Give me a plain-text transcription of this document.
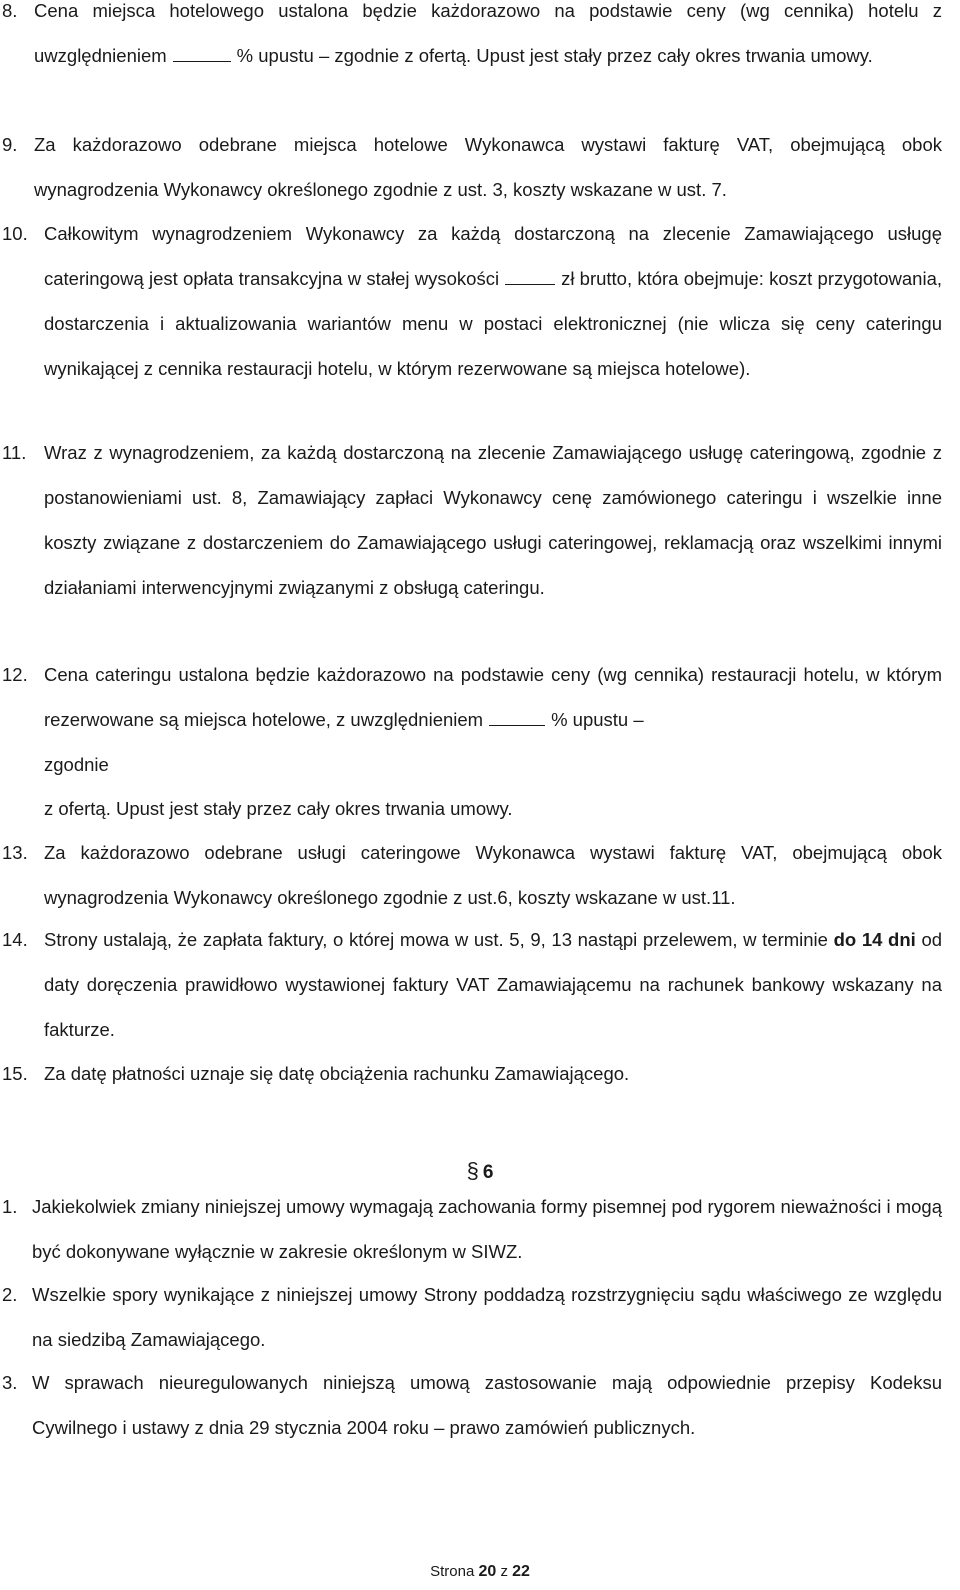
8. Cena miejsca hotelowego ustalona będzie każdorazowo na podstawie ceny (wg cennika) hotelu z uwzględnieniem	% upustu – zgodnie z ofertą. Upust jest stały przez cały okres trwania umowy.
9. Za każdorazowo odebrane miejsca hotelowe Wykonawca wystawi fakturę VAT, obejmującą obok wynagrodzenia Wykonawcy określonego zgodnie z ust. 3, koszty wskazane w ust. 7.
10. Całkowitym wynagrodzeniem Wykonawcy za każdą dostarczoną na zlecenie Zamawiającego usługę cateringową jest opłata transakcyjna w stałej wysokości	zł brutto, która obejmuje: koszt przygotowania, dostarczenia i aktualizowania wariantów menu w postaci elektronicznej (nie wlicza się ceny cateringu wynikającej z cennika restauracji hotelu, w którym rezerwowane są miejsca hotelowe).
11. Wraz z wynagrodzeniem, za każdą dostarczoną na zlecenie Zamawiającego usługę cateringową, zgodnie z postanowieniami ust. 8, Zamawiający zapłaci Wykonawcy cenę zamówionego cateringu i wszelkie inne koszty związane z dostarczeniem do Zamawiającego usługi cateringowej, reklamacją oraz wszelkimi innymi działaniami interwencyjnymi związanymi z obsługą cateringu.
12. Cena cateringu ustalona będzie każdorazowo na podstawie ceny (wg cennika) restauracji hotelu, w którym rezerwowane są miejsca hotelowe, z uwzględnieniem	% upustu –
zgodnie
z ofertą. Upust jest stały przez cały okres trwania umowy.
13. Za każdorazowo odebrane usługi cateringowe Wykonawca wystawi fakturę VAT, obejmującą obok wynagrodzenia Wykonawcy określonego zgodnie z ust.6, koszty wskazane w ust.11.
14. Strony ustalają, że zapłata faktury, o której mowa w ust. 5, 9, 13 nastąpi przelewem, w terminie do 14 dni od daty doręczenia prawidłowo wystawionej faktury VAT Zamawiającemu na rachunek bankowy wskazany na fakturze.
15. Za datę płatności uznaje się datę obciążenia rachunku Zamawiającego.
§ 6
1. Jakiekolwiek zmiany niniejszej umowy wymagają zachowania formy pisemnej pod rygorem nieważności i mogą być dokonywane wyłącznie w zakresie określonym w SIWZ.
2. Wszelkie spory wynikające z niniejszej umowy Strony poddadzą rozstrzygnięciu sądu właściwego ze względu na siedzibą Zamawiającego.
3. W sprawach nieuregulowanych niniejszą umową zastosowanie mają odpowiednie przepisy Kodeksu Cywilnego i ustawy z dnia 29 stycznia 2004 roku – prawo zamówień publicznych.
Strona 20 z 22
